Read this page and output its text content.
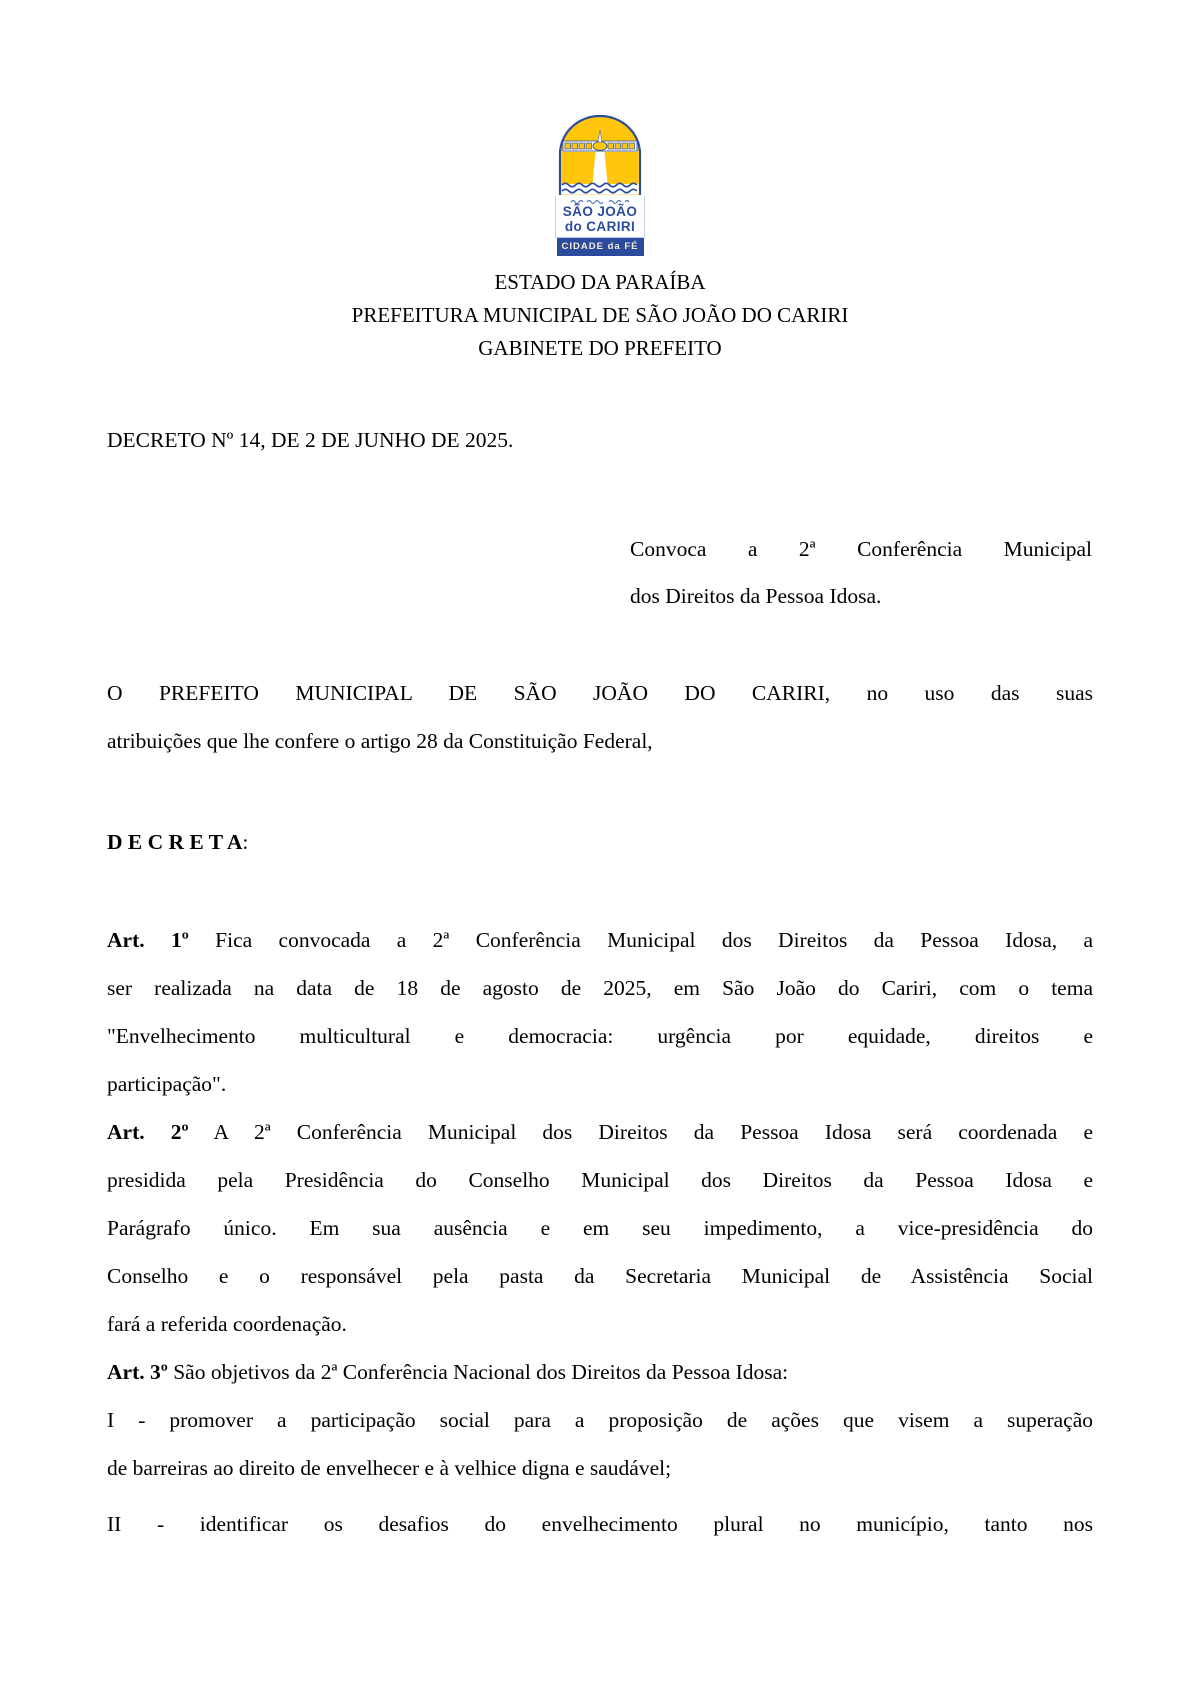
SÃO JOÃO
do CARIRI
CIDADE da FÉ
ESTADO DA PARAÍBA
PREFEITURA MUNICIPAL DE SÃO JOÃO DO CARIRI
GABINETE DO PREFEITO
DECRETO Nº 14, DE 2 DE JUNHO DE 2025.
Convoca a 2ª Conferência Municipal
dos Direitos da Pessoa Idosa.
O PREFEITO MUNICIPAL DE SÃO JOÃO DO CARIRI, no uso das suas
atribuições que lhe confere o artigo 28 da Constituição Federal,
D E C R E T A:
Art. 1º Fica convocada a 2ª Conferência Municipal dos Direitos da Pessoa Idosa, a
ser realizada na data de 18 de agosto de 2025, em São João do Cariri, com o tema
"Envelhecimento multicultural e democracia: urgência por equidade, direitos e
participação".
Art. 2º A 2ª Conferência Municipal dos Direitos da Pessoa Idosa será coordenada e
presidida pela Presidência do Conselho Municipal dos Direitos da Pessoa Idosa e
Parágrafo único. Em sua ausência e em seu impedimento, a vice-presidência do
Conselho e o responsável pela pasta da Secretaria Municipal de Assistência Social
fará a referida coordenação.
Art. 3º São objetivos da 2ª Conferência Nacional dos Direitos da Pessoa Idosa:
I - promover a participação social para a proposição de ações que visem a superação
de barreiras ao direito de envelhecer e à velhice digna e saudável;
II - identificar os desafios do envelhecimento plural no município, tanto nos
